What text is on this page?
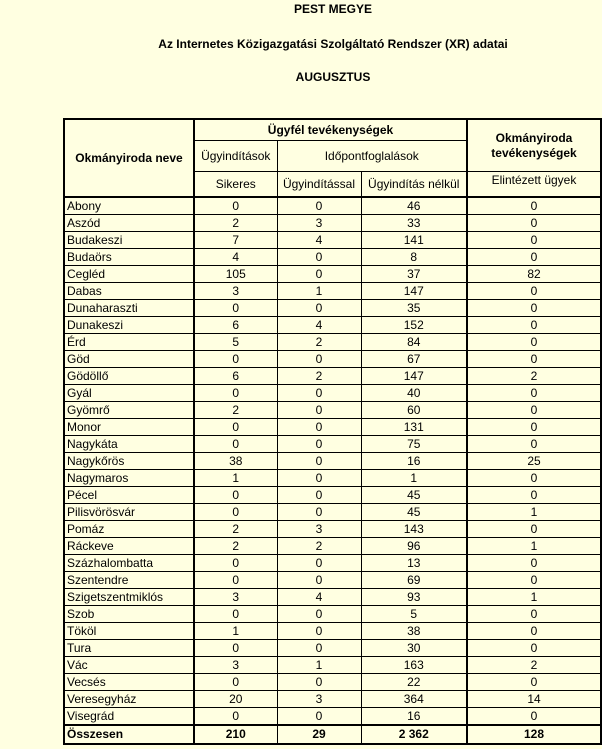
PEST MEGYE
Az Internetes Közigazgatási Szolgáltató Rendszer (XR) adatai
AUGUSZTUS
Okmányiroda neve	Ügyfél tevékenységek			Okmányiroda tevékenységek
	Ügyindítások	Időpontfoglalások		
	Sikeres	Ügyindítással	Ügyindítás nélkül	Elintézett ügyek
Abony	0	0	46	0
Aszód	2	3	33	0
Budakeszi	7	4	141	0
Budaörs	4	0	8	0
Cegléd	105	0	37	82
Dabas	3	1	147	0
Dunaharaszti	0	0	35	0
Dunakeszi	6	4	152	0
Érd	5	2	84	0
Göd	0	0	67	0
Gödöllő	6	2	147	2
Gyál	0	0	40	0
Gyömrő	2	0	60	0
Monor	0	0	131	0
Nagykáta	0	0	75	0
Nagykőrös	38	0	16	25
Nagymaros	1	0	1	0
Pécel	0	0	45	0
Pilisvörösvár	0	0	45	1
Pomáz	2	3	143	0
Ráckeve	2	2	96	1
Százhalombatta	0	0	13	0
Szentendre	0	0	69	0
Szigetszentmiklós	3	4	93	1
Szob	0	0	5	0
Tököl	1	0	38	0
Tura	0	0	30	0
Vác	3	1	163	2
Vecsés	0	0	22	0
Veresegyház	20	3	364	14
Visegrád	0	0	16	0
Összesen	210	29	2 362	128
